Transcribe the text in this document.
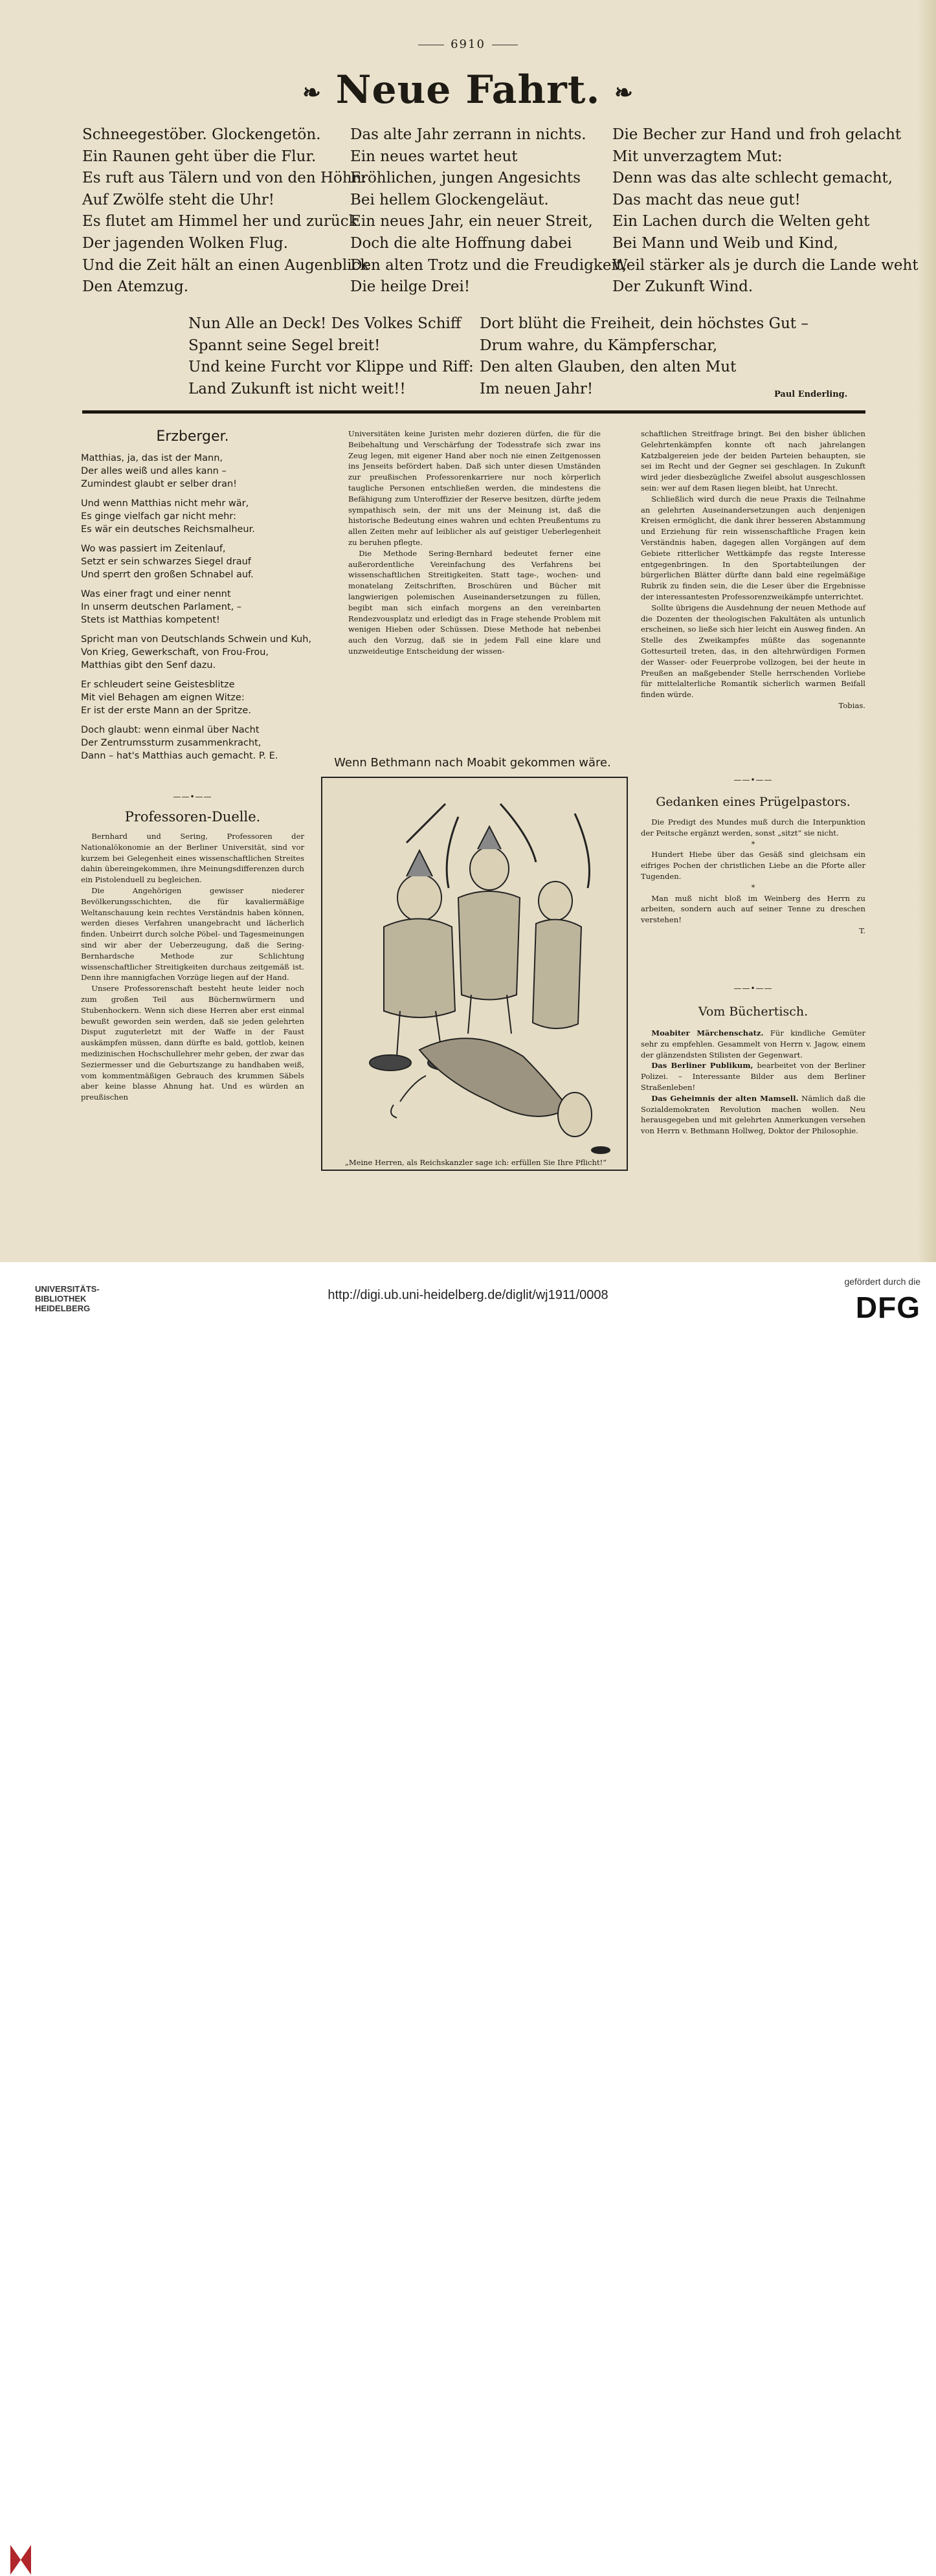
6910
❧ Neue Fahrt. ❧
Schneegestöber. Glockengetön.
Ein Raunen geht über die Flur.
Es ruft aus Tälern und von den Höhn:
Auf Zwölfe steht die Uhr!
Es flutet am Himmel her und zurück
Der jagenden Wolken Flug.
Und die Zeit hält an einen Augenblick
Den Atemzug.
Das alte Jahr zerrann in nichts.
Ein neues wartet heut
Fröhlichen, jungen Angesichts
Bei hellem Glockengeläut.
Ein neues Jahr, ein neuer Streit,
Doch die alte Hoffnung dabei
Den alten Trotz und die Freudigkeit,
Die heilge Drei!
Die Becher zur Hand und froh gelacht
Mit unverzagtem Mut:
Denn was das alte schlecht gemacht,
Das macht das neue gut!
Ein Lachen durch die Welten geht
Bei Mann und Weib und Kind,
Weil stärker als je durch die Lande weht
Der Zukunft Wind.
Nun Alle an Deck! Des Volkes Schiff
Spannt seine Segel breit!
Und keine Furcht vor Klippe und Riff:
Land Zukunft ist nicht weit!!
Dort blüht die Freiheit, dein höchstes Gut –
Drum wahre, du Kämpferschar,
Den alten Glauben, den alten Mut
Im neuen Jahr!	Paul Enderling.
Erzberger.
Matthias, ja, das ist der Mann,
Der alles weiß und alles kann –
Zumindest glaubt er selber dran!
Und wenn Matthias nicht mehr wär,
Es ginge vielfach gar nicht mehr:
Es wär ein deutsches Reichsmalheur.
Wo was passiert im Zeitenlauf,
Setzt er sein schwarzes Siegel drauf
Und sperrt den großen Schnabel auf.
Was einer fragt und einer nennt
In unserm deutschen Parlament, –
Stets ist Matthias kompetent!
Spricht man von Deutschlands Schwein und Kuh,
Von Krieg, Gewerkschaft, von Frou-Frou,
Matthias gibt den Senf dazu.
Er schleudert seine Geistesblitze
Mit viel Behagen am eignen Witze:
Er ist der erste Mann an der Spritze.
Doch glaubt: wenn einmal über Nacht
Der Zentrumssturm zusammenkracht,
Dann – hat's Matthias auch gemacht. P. E.
——•——
Professoren-Duelle.

Bernhard und Sering, Professoren der Nationalökonomie an der Berliner Universität, sind vor kurzem bei Gelegenheit eines wissenschaftlichen Streites dahin übereingekommen, ihre Meinungsdifferenzen durch ein Pistolenduell zu begleichen.

Die Angehörigen gewisser niederer Bevölkerungsschichten, die für kavaliermäßige Weltanschauung kein rechtes Verständnis haben können, werden dieses Verfahren unangebracht und lächerlich finden. Unbeirrt durch solche Pöbel- und Tagesmeinungen sind wir aber der Ueberzeugung, daß die Sering-Bernhardsche Methode zur Schlichtung wissenschaftlicher Streitigkeiten durchaus zeitgemäß ist. Denn ihre mannigfachen Vorzüge liegen auf der Hand.

Unsere Professorenschaft besteht heute leider noch zum großen Teil aus Büchernwürmern und Stubenhockern. Wenn sich diese Herren aber erst einmal bewußt geworden sein werden, daß sie jeden gelehrten Disput zuguterletzt mit der Waffe in der Faust auskämpfen müssen, dann dürfte es bald, gottlob, keinen medizinischen Hochschullehrer mehr geben, der zwar das Seziermesser und die Geburtszange zu handhaben weiß, vom kommentmäßigen Gebrauch des krummen Säbels aber keine blasse Ahnung hat. Und es würden an preußischen

Universitäten keine Juristen mehr dozieren dürfen, die für die Beibehaltung und Verschärfung der Todesstrafe sich zwar ins Zeug legen, mit eigener Hand aber noch nie einen Zeitgenossen ins Jenseits befördert haben. Daß sich unter diesen Umständen zur preußischen Professorenkarriere nur noch körperlich taugliche Personen entschließen werden, die mindestens die Befähigung zum Unteroffizier der Reserve besitzen, dürfte jedem sympathisch sein, der mit uns der Meinung ist, daß die historische Bedeutung eines wahren und echten Preußentums zu allen Zeiten mehr auf leiblicher als auf geistiger Ueberlegenheit zu beruhen pflegte.

Die Methode Sering-Bernhard bedeutet ferner eine außerordentliche Vereinfachung des Verfahrens bei wissenschaftlichen Streitigkeiten. Statt tage-, wochen- und monatelang Zeitschriften, Broschüren und Bücher mit langwierigen polemischen Auseinandersetzungen zu füllen, begibt man sich einfach morgens an den vereinbarten Rendezvousplatz und erledigt das in Frage stehende Problem mit wenigen Hieben oder Schüssen. Diese Methode hat nebenbei auch den Vorzug, daß sie in jedem Fall eine klare und unzweideutige Entscheidung der wissen-

Wenn Bethmann nach Moabit gekommen wäre.
„Meine Herren, als Reichskanzler sage ich: erfüllen Sie Ihre Pflicht!“

schaftlichen Streitfrage bringt. Bei den bisher üblichen Gelehrtenkämpfen konnte oft nach jahrelangen Katzbalgereien jede der beiden Parteien behaupten, sie sei im Recht und der Gegner sei geschlagen. In Zukunft wird jeder diesbezügliche Zweifel absolut ausgeschlossen sein: wer auf dem Rasen liegen bleibt, hat Unrecht.

Schließlich wird durch die neue Praxis die Teilnahme an gelehrten Auseinandersetzungen auch denjenigen Kreisen ermöglicht, die dank ihrer besseren Abstammung und Erziehung für rein wissenschaftliche Fragen kein Verständnis haben, dagegen allen Vorgängen auf dem Gebiete ritterlicher Wettkämpfe das regste Interesse entgegenbringen. In den Sportabteilungen der bürgerlichen Blätter dürfte dann bald eine regelmäßige Rubrik zu finden sein, die die Leser über die Ergebnisse der interessantesten Professorenzweikämpfe unterrichtet.

Sollte übrigens die Ausdehnung der neuen Methode auf die Dozenten der theologischen Fakultäten als untunlich erscheinen, so ließe sich hier leicht ein Ausweg finden. An Stelle des Zweikampfes müßte das sogenannte Gottesurteil treten, das, in den altehrwürdigen Formen der Wasser- oder Feuerprobe vollzogen, bei der heute in Preußen an maßgebender Stelle herrschenden Vorliebe für mittelalterliche Romantik sicherlich warmen Beifall finden würde.

Tobias.

——•——
Gedanken eines Prügelpastors.

Die Predigt des Mundes muß durch die Interpunktion der Peitsche ergänzt werden, sonst „sitzt“ sie nicht.

*

Hundert Hiebe über das Gesäß sind gleichsam ein eifriges Pochen der christlichen Liebe an die Pforte aller Tugenden.

*

Man muß nicht bloß im Weinberg des Herrn zu arbeiten, sondern auch auf seiner Tenne zu dreschen verstehen!

T.

——•——
Vom Büchertisch.

Moabiter Märchenschatz. Für kindliche Gemüter sehr zu empfehlen. Gesammelt von Herrn v. Jagow, einem der glänzendsten Stilisten der Gegenwart.

Das Berliner Publikum, bearbeitet von der Berliner Polizei. – Interessante Bilder aus dem Berliner Straßenleben!

Das Geheimnis der alten Mamsell. Nämlich daß die Sozialdemokraten Revolution machen wollen. Neu herausgegeben und mit gelehrten Anmerkungen versehen von Herrn v. Bethmann Hollweg, Doktor der Philosophie.

UNIVERSITÄTS-
BIBLIOTHEK
HEIDELBERG
http://digi.ub.uni-heidelberg.de/diglit/wj1911/0008
gefördert durch die
DFG
